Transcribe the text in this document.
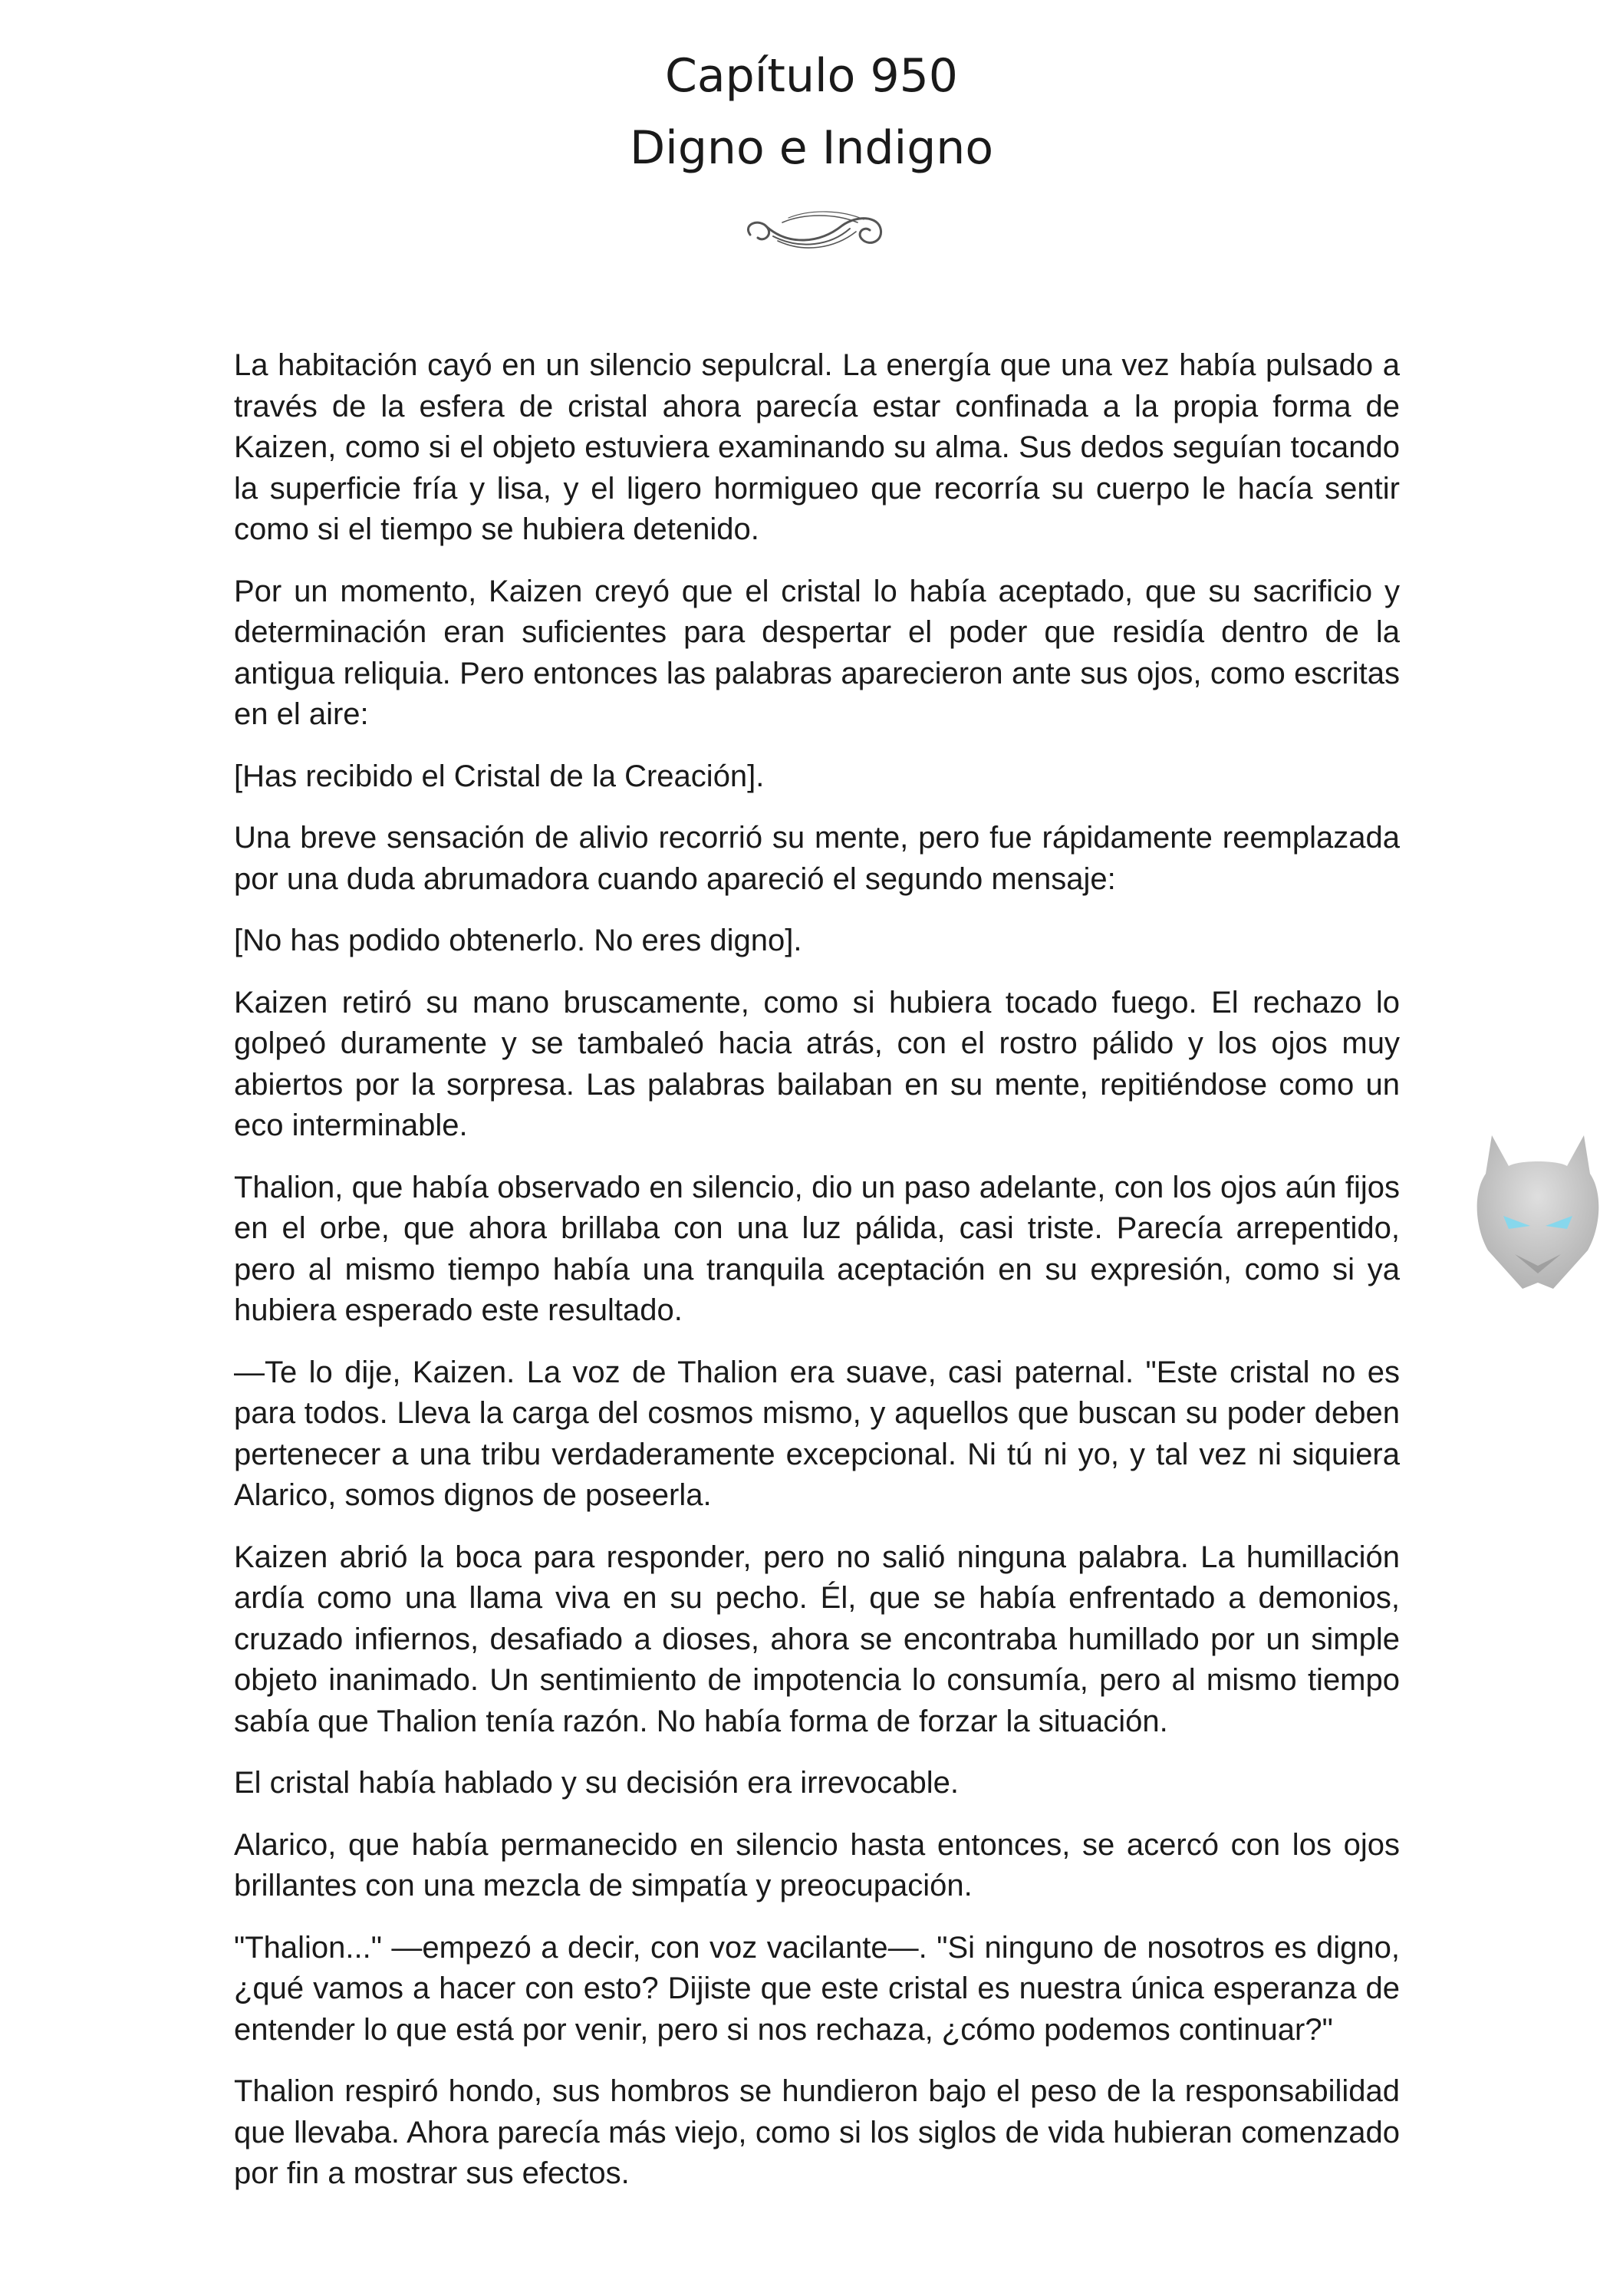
Capítulo 950
Digno e Indigno

La habitación cayó en un silencio sepulcral. La energía que una vez había pulsado a través de la esfera de cristal ahora parecía estar confinada a la propia forma de Kaizen, como si el objeto estuviera examinando su alma. Sus dedos seguían tocando la superficie fría y lisa, y el ligero hormigueo que recorría su cuerpo le hacía sentir como si el tiempo se hubiera detenido.

Por un momento, Kaizen creyó que el cristal lo había aceptado, que su sacrificio y determinación eran suficientes para despertar el poder que residía dentro de la antigua reliquia. Pero entonces las palabras aparecieron ante sus ojos, como escritas en el aire:

[Has recibido el Cristal de la Creación].

Una breve sensación de alivio recorrió su mente, pero fue rápidamente reemplazada por una duda abrumadora cuando apareció el segundo mensaje:

[No has podido obtenerlo. No eres digno].

Kaizen retiró su mano bruscamente, como si hubiera tocado fuego. El rechazo lo golpeó duramente y se tambaleó hacia atrás, con el rostro pálido y los ojos muy abiertos por la sorpresa. Las palabras bailaban en su mente, repitiéndose como un eco interminable.

Thalion, que había observado en silencio, dio un paso adelante, con los ojos aún fijos en el orbe, que ahora brillaba con una luz pálida, casi triste. Parecía arrepentido, pero al mismo tiempo había una tranquila aceptación en su expresión, como si ya hubiera esperado este resultado.

—Te lo dije, Kaizen. La voz de Thalion era suave, casi paternal. "Este cristal no es para todos. Lleva la carga del cosmos mismo, y aquellos que buscan su poder deben pertenecer a una tribu verdaderamente excepcional. Ni tú ni yo, y tal vez ni siquiera Alarico, somos dignos de poseerla.

Kaizen abrió la boca para responder, pero no salió ninguna palabra. La humillación ardía como una llama viva en su pecho. Él, que se había enfrentado a demonios, cruzado infiernos, desafiado a dioses, ahora se encontraba humillado por un simple objeto inanimado. Un sentimiento de impotencia lo consumía, pero al mismo tiempo sabía que Thalion tenía razón. No había forma de forzar la situación.

El cristal había hablado y su decisión era irrevocable.

Alarico, que había permanecido en silencio hasta entonces, se acercó con los ojos brillantes con una mezcla de simpatía y preocupación.

"Thalion..." —empezó a decir, con voz vacilante—. "Si ninguno de nosotros es digno, ¿qué vamos a hacer con esto? Dijiste que este cristal es nuestra única esperanza de entender lo que está por venir, pero si nos rechaza, ¿cómo podemos continuar?"

Thalion respiró hondo, sus hombros se hundieron bajo el peso de la responsabilidad que llevaba. Ahora parecía más viejo, como si los siglos de vida hubieran comenzado por fin a mostrar sus efectos.
